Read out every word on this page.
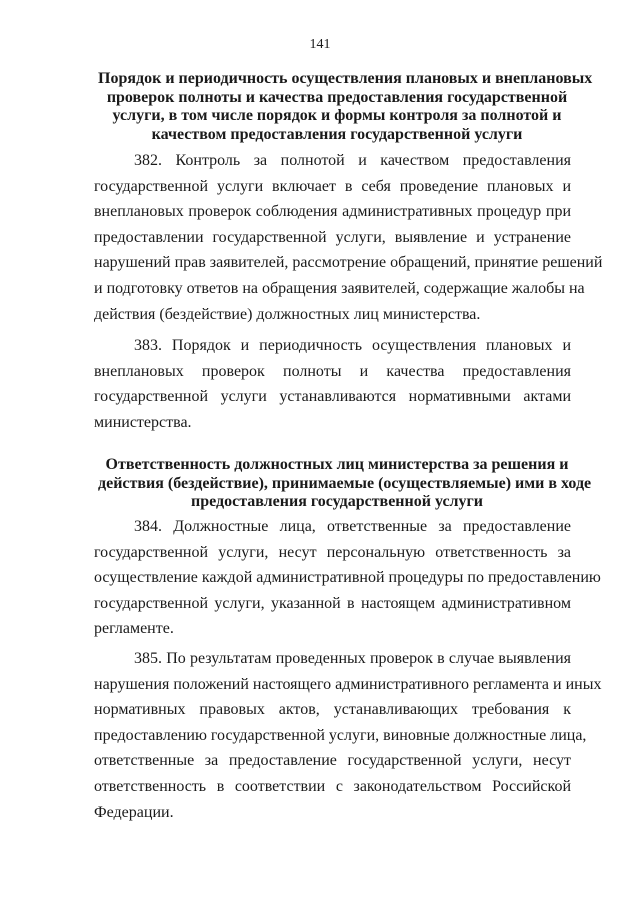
141
Порядок и периодичность осуществления плановых и внеплановых
проверок полноты и качества предоставления государственной
услуги, в том числе порядок и формы контроля за полнотой и
качеством предоставления государственной услуги
382. Контроль за полнотой и качеством предоставления
государственной услуги включает в себя проведение плановых и
внеплановых проверок соблюдения административных процедур при
предоставлении государственной услуги, выявление и устранение
нарушений прав заявителей, рассмотрение обращений, принятие решений
и подготовку ответов на обращения заявителей, содержащие жалобы на
действия (бездействие) должностных лиц министерства.
383. Порядок и периодичность осуществления плановых и
внеплановых проверок полноты и качества предоставления
государственной услуги устанавливаются нормативными актами
министерства.
Ответственность должностных лиц министерства за решения и
действия (бездействие), принимаемые (осуществляемые) ими в ходе
предоставления государственной услуги
384. Должностные лица, ответственные за предоставление
государственной услуги, несут персональную ответственность за
осуществление каждой административной процедуры по предоставлению
государственной услуги, указанной в настоящем административном
регламенте.
385. По результатам проведенных проверок в случае выявления
нарушения положений настоящего административного регламента и иных
нормативных правовых актов, устанавливающих требования к
предоставлению государственной услуги, виновные должностные лица,
ответственные за предоставление государственной услуги, несут
ответственность в соответствии с законодательством Российской
Федерации.
